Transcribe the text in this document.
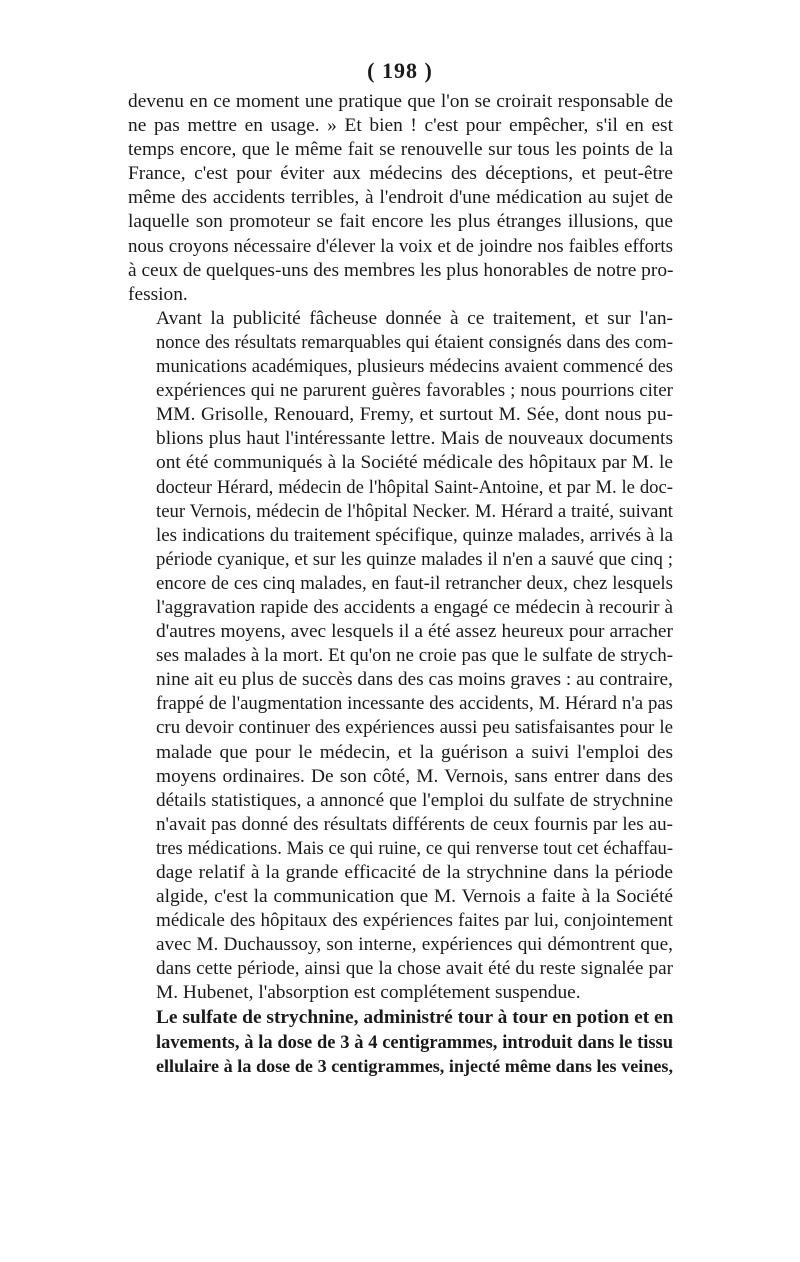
( 198 )

devenu en ce moment une pratique que l'on se croirait responsable de
ne pas mettre en usage. » Et bien ! c'est pour empêcher, s'il en est
temps encore, que le même fait se renouvelle sur tous les points de la
France, c'est pour éviter aux médecins des déceptions, et peut-être
même des accidents terribles, à l'endroit d'une médication au sujet de
laquelle son promoteur se fait encore les plus étranges illusions, que
nous croyons nécessaire d'élever la voix et de joindre nos faibles efforts
à ceux de quelques-uns des membres les plus honorables de notre pro-
fession.

Avant la publicité fâcheuse donnée à ce traitement, et sur l'an-
nonce des résultats remarquables qui étaient consignés dans des com-
munications académiques, plusieurs médecins avaient commencé des
expériences qui ne parurent guères favorables ; nous pourrions citer
MM. Grisolle, Renouard, Fremy, et surtout M. Sée, dont nous pu-
blions plus haut l'intéressante lettre. Mais de nouveaux documents
ont été communiqués à la Société médicale des hôpitaux par M. le
docteur Hérard, médecin de l'hôpital Saint-Antoine, et par M. le doc-
teur Vernois, médecin de l'hôpital Necker. M. Hérard a traité, suivant
les indications du traitement spécifique, quinze malades, arrivés à la
période cyanique, et sur les quinze malades il n'en a sauvé que cinq ;
encore de ces cinq malades, en faut-il retrancher deux, chez lesquels
l'aggravation rapide des accidents a engagé ce médecin à recourir à
d'autres moyens, avec lesquels il a été assez heureux pour arracher
ses malades à la mort. Et qu'on ne croie pas que le sulfate de strych-
nine ait eu plus de succès dans des cas moins graves : au contraire,
frappé de l'augmentation incessante des accidents, M. Hérard n'a pas
cru devoir continuer des expériences aussi peu satisfaisantes pour le
malade que pour le médecin, et la guérison a suivi l'emploi des
moyens ordinaires. De son côté, M. Vernois, sans entrer dans des
détails statistiques, a annoncé que l'emploi du sulfate de strychnine
n'avait pas donné des résultats différents de ceux fournis par les au-
tres médications. Mais ce qui ruine, ce qui renverse tout cet échaffau-
dage relatif à la grande efficacité de la strychnine dans la période
algide, c'est la communication que M. Vernois a faite à la Société
médicale des hôpitaux des expériences faites par lui, conjointement
avec M. Duchaussoy, son interne, expériences qui démontrent que,
dans cette période, ainsi que la chose avait été du reste signalée par
M. Hubenet, l'absorption est complétement suspendue.

Le sulfate de strychnine, administré tour à tour en potion et en
lavements, à la dose de 3 à 4 centigrammes, introduit dans le tissu
ellulaire à la dose de 3 centigrammes, injecté même dans les veines,
